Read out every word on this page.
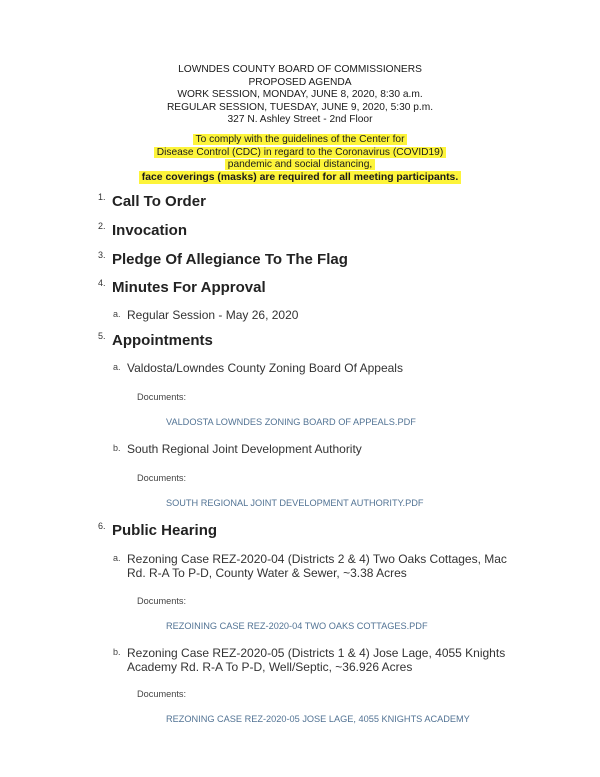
LOWNDES COUNTY BOARD OF COMMISSIONERS
PROPOSED AGENDA
WORK SESSION, MONDAY, JUNE 8, 2020, 8:30 a.m.
REGULAR SESSION, TUESDAY, JUNE 9, 2020, 5:30 p.m.
327 N. Ashley Street - 2nd Floor
To comply with the guidelines of the Center for
Disease Control (CDC) in regard to the Coronavirus (COVID19)
pandemic and social distancing,
face coverings (masks) are required for all meeting participants.
1. Call To Order
2. Invocation
3. Pledge Of Allegiance To The Flag
4. Minutes For Approval
a. Regular Session - May 26, 2020
5. Appointments
a. Valdosta/Lowndes County Zoning Board Of Appeals
Documents:
VALDOSTA LOWNDES ZONING BOARD OF APPEALS.PDF
b. South Regional Joint Development Authority
Documents:
SOUTH REGIONAL JOINT DEVELOPMENT AUTHORITY.PDF
6. Public Hearing
a. Rezoning Case REZ-2020-04 (Districts 2 & 4) Two Oaks Cottages, Mac
Rd. R-A To P-D, County Water & Sewer, ~3.38 Acres
Documents:
REZOINING CASE REZ-2020-04 TWO OAKS COTTAGES.PDF
b. Rezoning Case REZ-2020-05 (Districts 1 & 4) Jose Lage, 4055 Knights
Academy Rd. R-A To P-D, Well/Septic, ~36.926 Acres
Documents:
REZONING CASE REZ-2020-05 JOSE LAGE, 4055 KNIGHTS ACADEMY
